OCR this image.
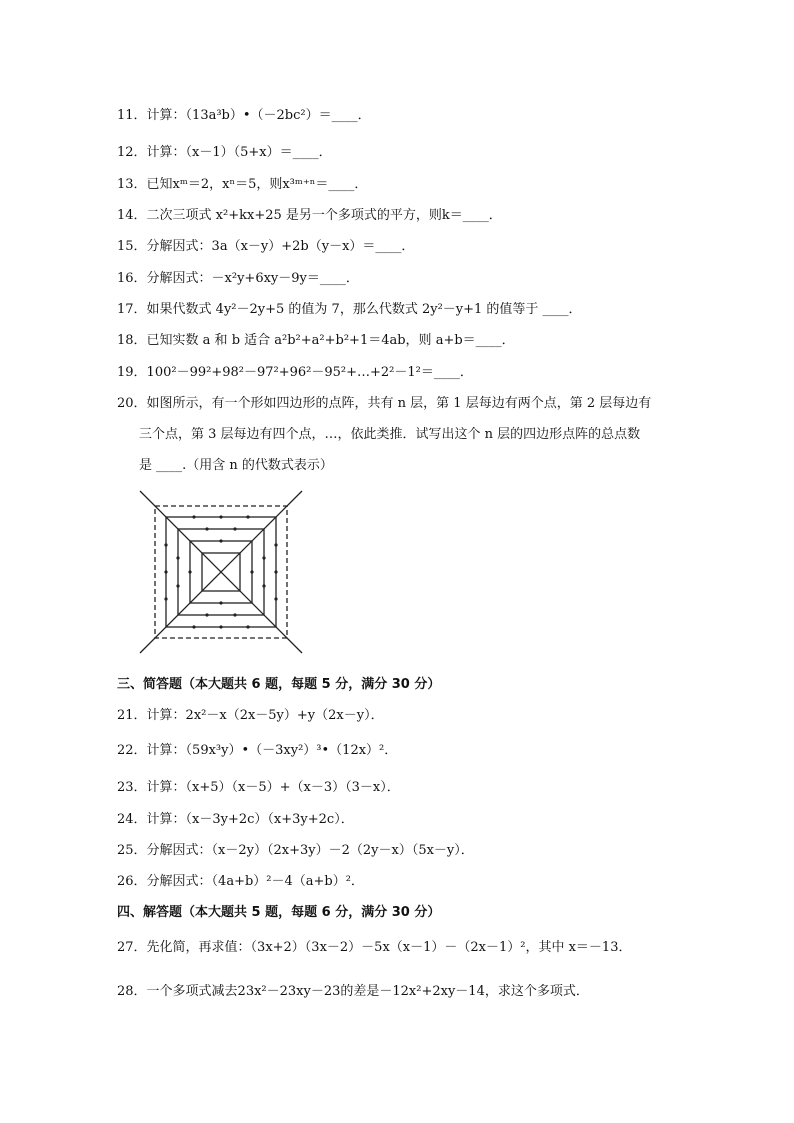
11．计算：（13a³b）•（－2bc²）＝____．
12．计算：（x－1）（5+x）＝____．
13．已知xᵐ＝2，xⁿ＝5，则x³ᵐ⁺ⁿ＝____．
14．二次三项式 x²+kx+25 是另一个多项式的平方，则k＝____．
15．分解因式：3a（x－y）+2b（y－x）＝____．
16．分解因式：－x²y+6xy－9y＝____．
17．如果代数式 4y²－2y+5 的值为 7，那么代数式 2y²－y+1 的值等于 ____．
18．已知实数 a 和 b 适合 a²b²+a²+b²+1＝4ab，则 a+b＝____．
19．100²－99²+98²－97²+96²－95²+…+2²－1²＝____．
20．如图所示，有一个形如四边形的点阵，共有 n 层，第 1 层每边有两个点，第 2 层每边有
三个点，第 3 层每边有四个点，…，依此类推．试写出这个 n 层的四边形点阵的总点数
是 ____.（用含 n 的代数式表示）
三、简答题（本大题共 6 题，每题 5 分，满分 30 分）
21．计算：2x²－x（2x－5y）+y（2x－y）．
22．计算：（59x³y）•（－3xy²）³•（12x）²．
23．计算：（x+5）（x－5）+（x－3）（3－x）．
24．计算：（x－3y+2c）（x+3y+2c）．
25．分解因式：（x－2y）（2x+3y）－2（2y－x）（5x－y）．
26．分解因式：（4a+b）²－4（a+b）²．
四、解答题（本大题共 5 题，每题 6 分，满分 30 分）
27．先化简，再求值：（3x+2）（3x－2）－5x（x－1）－（2x－1）²，其中 x＝－13．
28．一个多项式减去23x²－23xy－23的差是－12x²+2xy－14，求这个多项式．
